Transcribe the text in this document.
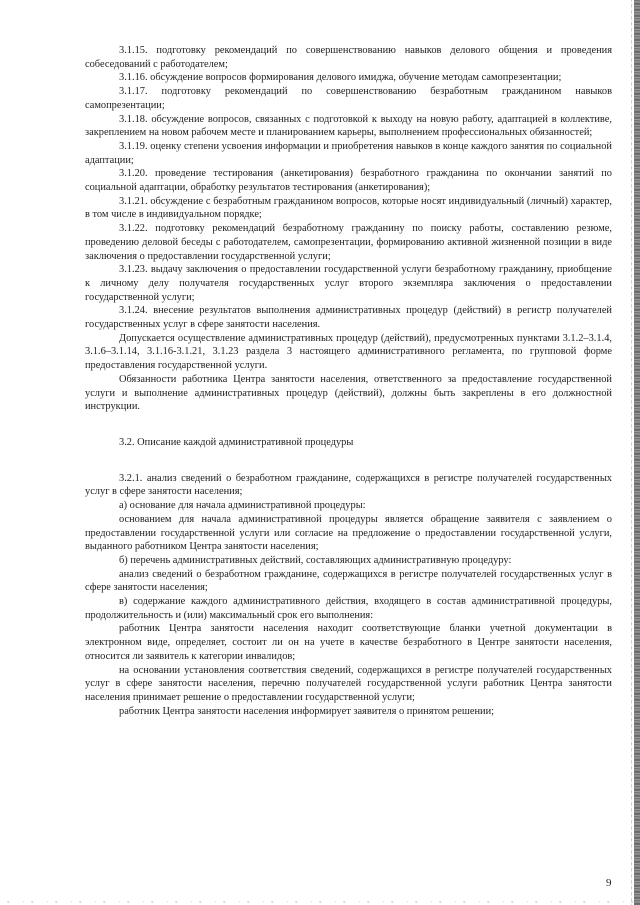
3.1.15. подготовку рекомендаций по совершенствованию навыков делового общения и проведения собеседований с работодателем;

3.1.16. обсуждение вопросов формирования делового имиджа, обучение методам самопрезентации;

3.1.17. подготовку рекомендаций по совершенствованию безработным гражданином навыков самопрезентации;

3.1.18. обсуждение вопросов, связанных с подготовкой к выходу на новую работу, адаптацией в коллективе, закреплением на новом рабочем месте и планированием карьеры, выполнением профессиональных обязанностей;

3.1.19. оценку степени усвоения информации и приобретения навыков в конце каждого занятия по социальной адаптации;

3.1.20. проведение тестирования (анкетирования) безработного гражданина по окончании занятий по социальной адаптации, обработку результатов тестирования (анкетирования);

3.1.21. обсуждение с безработным гражданином вопросов, которые носят индивидуальный (личный) характер, в том числе в индивидуальном порядке;

3.1.22. подготовку рекомендаций безработному гражданину по поиску работы, составлению резюме, проведению деловой беседы с работодателем, самопрезентации, формированию активной жизненной позиции в виде заключения о предоставлении государственной услуги;

3.1.23. выдачу заключения о предоставлении государственной услуги безработному гражданину, приобщение к личному делу получателя государственных услуг второго экземпляра заключения о предоставлении государственной услуги;

3.1.24. внесение результатов выполнения административных процедур (действий) в регистр получателей государственных услуг в сфере занятости населения.

Допускается осуществление административных процедур (действий), предусмотренных пунктами 3.1.2–3.1.4, 3.1.6–3.1.14, 3.1.16-3.1.21, 3.1.23 раздела 3 настоящего административного регламента, по групповой форме предоставления государственной услуги.

Обязанности работника Центра занятости населения, ответственного за предоставление государственной услуги и выполнение административных процедур (действий), должны быть закреплены в его должностной инструкции.

3.2. Описание каждой административной процедуры

3.2.1. анализ сведений о безработном гражданине, содержащихся в регистре получателей государственных услуг в сфере занятости населения;

а) основание для начала административной процедуры:

основанием для начала административной процедуры является обращение заявителя с заявлением о предоставлении государственной услуги или согласие на предложение о предоставлении государственной услуги, выданного работником Центра занятости населения;

б) перечень административных действий, составляющих административную процедуру:

анализ сведений о безработном гражданине, содержащихся в регистре получателей государственных услуг в сфере занятости населения;

в) содержание каждого административного действия, входящего в состав административной процедуры, продолжительность и (или) максимальный срок его выполнения:

работник Центра занятости населения находит соответствующие бланки учетной документации в электронном виде, определяет, состоит ли он на учете в качестве безработного в Центре занятости населения, относится ли заявитель к категории инвалидов;

на основании установления соответствия сведений, содержащихся в регистре получателей государственных услуг в сфере занятости населения, перечню получателей государственной услуги работник Центра занятости населения принимает решение о предоставлении государственной услуги;

работник Центра занятости населения информирует заявителя о принятом решении;

9
